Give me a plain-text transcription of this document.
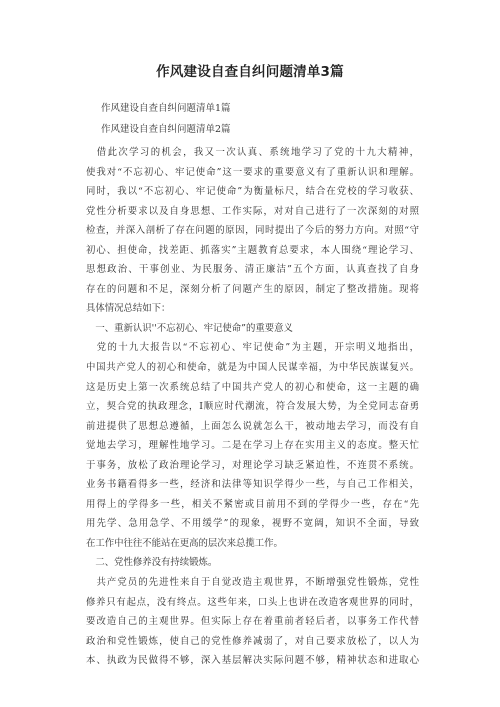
作风建设自查自纠问题清单3篇
作风建设自查自纠问题清单1篇
作风建设自查自纠问题清单2篇
　借此次学习的机会，我又一次认真、系统地学习了党的十九大精神，
使我对“不忘初心、牢记使命”这一要求的重要意义有了重新认识和理解。
同时，我以“不忘初心、牢记使命”为衡量标尺，结合在党校的学习收获、
党性分析要求以及自身思想、工作实际，对对自己进行了一次深刻的对照
检查，并深入剖析了存在问题的原因，同时提出了今后的努力方向。对照“守
初心、担使命，找差距、抓落实”主题教育总要求，本人围绕“理论学习、
思想政治、干事创业、为民服务、清正廉洁”五个方面，认真查找了自身
存在的问题和不足，深刻分析了问题产生的原因，制定了整改措施。现将
具体情况总结如下：
　一、重新认识''不忘初心、牢记使命”的重要意义
　党的十九大报告以“不忘初心、牢记使命”为主题，开宗明义地指出，
中国共产党人的初心和使命，就是为中国人民谋幸福，为中华民族谋复兴。
这是历史上第一次系统总结了中国共产党人的初心和使命，这一主题的确
立，契合党的执政理念，I顺应时代潮流，符合发展大势，为全党同志奋勇
前进提供了思想总遵循，上面怎么说就怎么干，被动地去学习，而没有自
觉地去学习，理解性地学习。二是在学习上存在实用主义的态度。整天忙
于事务，放松了政治理论学习，对理论学习缺乏紧迫性，不连贯不系统。
业务书籍看得多一些，经济和法律等知识学得少一些，与自己工作相关，
用得上的学得多一些，相关不紧密或目前用不到的学得少一些，存在“先
用先学、急用急学、不用缓学”的现象，视野不宽阔，知识不全面，导致
在工作中往往不能站在更高的层次来总揽工作。
　二、党性修养没有持续锻炼。
　共产党员的先进性来自于自觉改造主观世界，不断增强党性锻炼，党性
修养只有起点，没有终点。这些年来，口头上也讲在改造客观世界的同时，
要改造自己的主观世界。但实际上存在着重前者轻后者，以事务工作代替
政治和党性锻炼，使自己的党性修养减弱了，对自己要求放松了，以人为
本、执政为民做得不够，深入基层解决实际问题不够，精神状态和进取心
